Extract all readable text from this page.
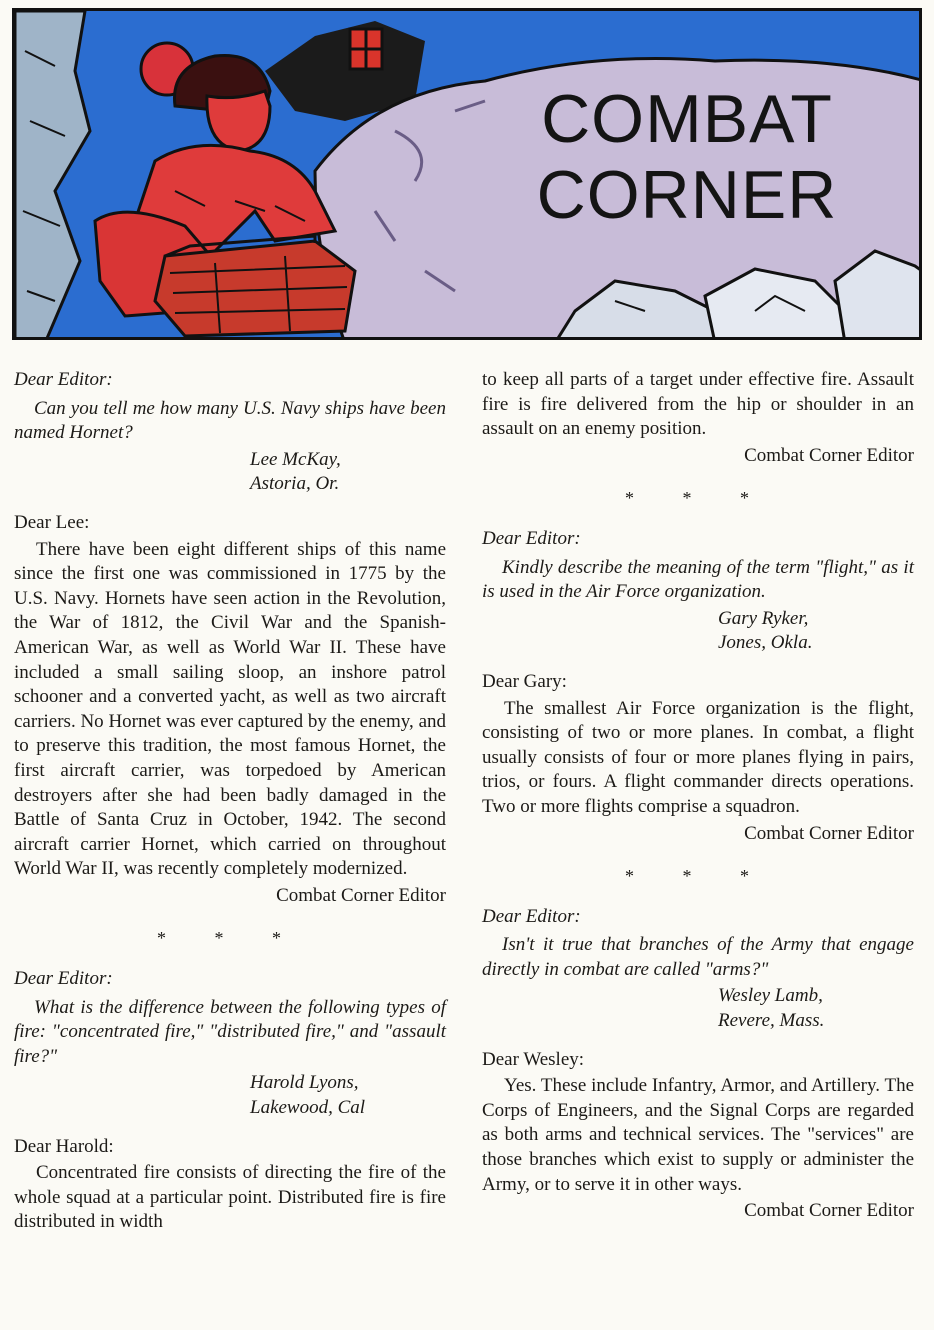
COMBAT
CORNER

Dear Editor:

Can you tell me how many U.S. Navy ships have been named Hornet?

Lee McKay,
Astoria, Or.

Dear Lee:

There have been eight different ships of this name since the first one was commissioned in 1775 by the U.S. Navy. Hornets have seen action in the Revolution, the War of 1812, the Civil War and the Spanish-American War, as well as World War II. These have included a small sailing sloop, an inshore patrol schooner and a converted yacht, as well as two aircraft carriers. No Hornet was ever captured by the enemy, and to preserve this tradition, the most famous Hornet, the first aircraft carrier, was torpedoed by American destroyers after she had been badly damaged in the Battle of Santa Cruz in October, 1942. The second aircraft carrier Hornet, which carried on throughout World War II, was recently completely modernized.

Combat Corner Editor

* * *

Dear Editor:

What is the difference between the following types of fire: "concentrated fire," "distributed fire," and "assault fire?"

Harold Lyons,
Lakewood, Cal

Dear Harold:

Concentrated fire consists of directing the fire of the whole squad at a particular point. Distributed fire is fire distributed in width

to keep all parts of a target under effective fire. Assault fire is fire delivered from the hip or shoulder in an assault on an enemy position.

Combat Corner Editor

* * *

Dear Editor:

Kindly describe the meaning of the term "flight," as it is used in the Air Force organization.

Gary Ryker,
Jones, Okla.

Dear Gary:

The smallest Air Force organization is the flight, consisting of two or more planes. In combat, a flight usually consists of four or more planes flying in pairs, trios, or fours. A flight commander directs operations. Two or more flights comprise a squadron.

Combat Corner Editor

* * *

Dear Editor:

Isn't it true that branches of the Army that engage directly in combat are called "arms?"

Wesley Lamb,
Revere, Mass.

Dear Wesley:

Yes. These include Infantry, Armor, and Artillery. The Corps of Engineers, and the Signal Corps are regarded as both arms and technical services. The "services" are those branches which exist to supply or administer the Army, or to serve it in other ways.

Combat Corner Editor
